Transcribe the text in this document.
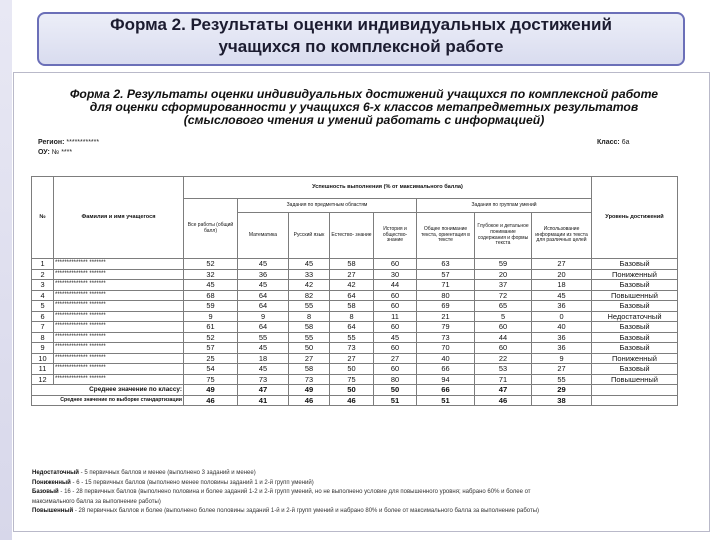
Форма 2. Результаты оценки индивидуальных достижений
учащихся по комплексной работе
Форма 2. Результаты оценки индивидуальных достижений учащихся по комплексной работе
для оценки сформированности у учащихся 6-х классов метапредметных результатов
(смыслового чтения и умений работать с информацией)
Регион: ************
ОУ: № ****
Класс: 6а
№	Фамилия и имя учащегося	Успешность выполнения (% от максимального балла)								Уровень достижений
		Все работы (общий балл)	Задания по предметным областям				Задания по группам умений			
			Математика	Русский язык	Естество- знание	История и общество- знание	Общее понимание текста, ориентация в тексте	Глубокое и детальное понимание содержания и формы текста	Использование информации из текста для различных целей	
1	************** *******	52	45	45	58	60	63	59	27	Базовый
2	************** *******	32	36	33	27	30	57	20	20	Пониженный
3	************** *******	45	45	42	42	44	71	37	18	Базовый
4	************** *******	68	64	82	64	60	80	72	45	Повышенный
5	************** *******	59	64	55	58	60	69	65	36	Базовый
6	************** *******	9	9	8	8	11	21	5	0	Недостаточный
7	************** *******	61	64	58	64	60	79	60	40	Базовый
8	************** *******	52	55	55	55	45	73	44	36	Базовый
9	************** *******	57	45	50	73	60	70	60	36	Базовый
10	************** *******	25	18	27	27	27	40	22	9	Пониженный
11	************** *******	54	45	58	50	60	66	53	27	Базовый
12	************** *******	75	73	73	75	80	94	71	55	Повышенный
Среднее значение по классу:		49	47	49	50	50	66	47	29	
Среднее значение по выборке стандартизации		46	41	46	46	51	51	46	38	
Недостаточный - 5 первичных баллов и менее (выполнено 3 заданий и менее)
Пониженный - 6 - 15 первичных баллов (выполнено менее половины заданий 1 и 2-й групп умений)
Базовый - 16 - 28 первичных баллов (выполнено половина и более заданий 1-2 и 2-й групп умений, но не выполнено условие для повышенного уровня; набрано 60% и более от
максимального балла за выполнение работы)
Повышенный - 28 первичных баллов и более (выполнено более половины заданий 1-й и 2-й групп умений и набрано 80% и более от максимального балла за выполнение работы)
